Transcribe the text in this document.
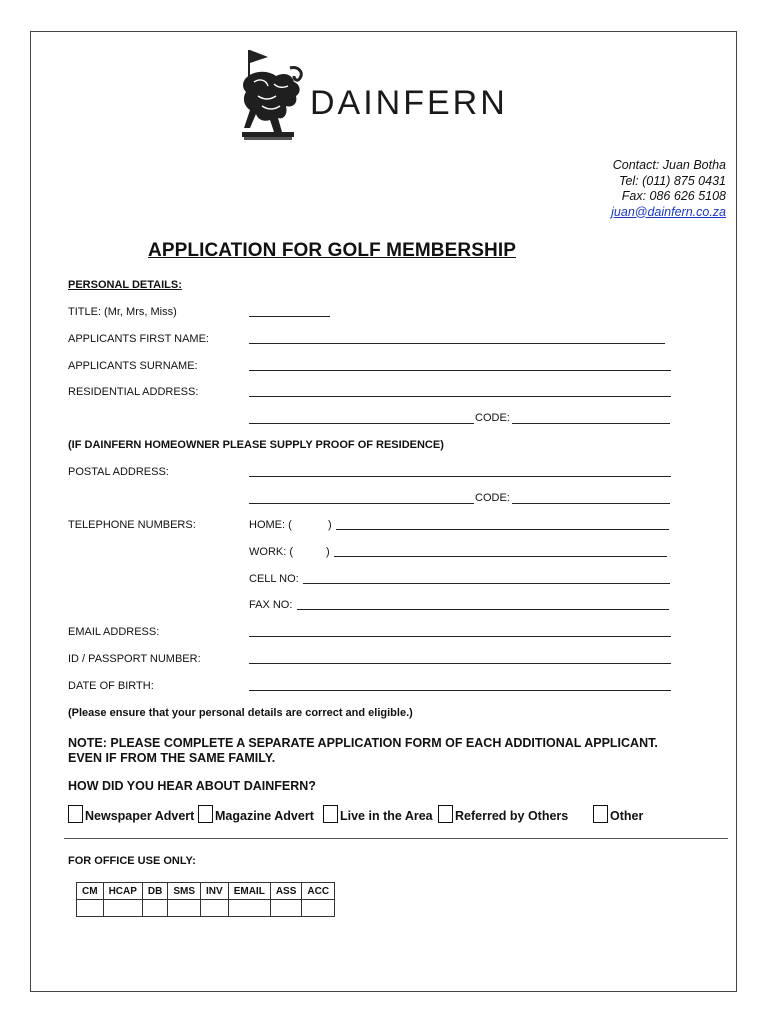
DAINFERN
Contact: Juan Botha
Tel: (011) 875 0431
Fax: 086 626 5108
juan@dainfern.co.za
APPLICATION FOR GOLF MEMBERSHIP
PERSONAL DETAILS:
TITLE: (Mr, Mrs, Miss)
APPLICANTS FIRST NAME:
APPLICANTS SURNAME:
RESIDENTIAL ADDRESS:
CODE:
(IF DAINFERN HOMEOWNER PLEASE SUPPLY PROOF OF RESIDENCE)
POSTAL ADDRESS:
CODE:
TELEPHONE NUMBERS:	HOME: (	)
WORK: (	)
CELL NO:
FAX NO:
EMAIL ADDRESS:
ID / PASSPORT NUMBER:
DATE OF BIRTH:
(Please ensure that your personal details are correct and eligible.)
NOTE: PLEASE COMPLETE A SEPARATE APPLICATION FORM OF EACH ADDITIONAL APPLICANT.
EVEN IF FROM THE SAME FAMILY.
HOW DID YOU HEAR ABOUT DAINFERN?
Newspaper Advert	Magazine Advert	Live in the Area	Referred by Others	Other
FOR OFFICE USE ONLY:
CM	HCAP	DB	SMS	INV	EMAIL	ASS	ACC
